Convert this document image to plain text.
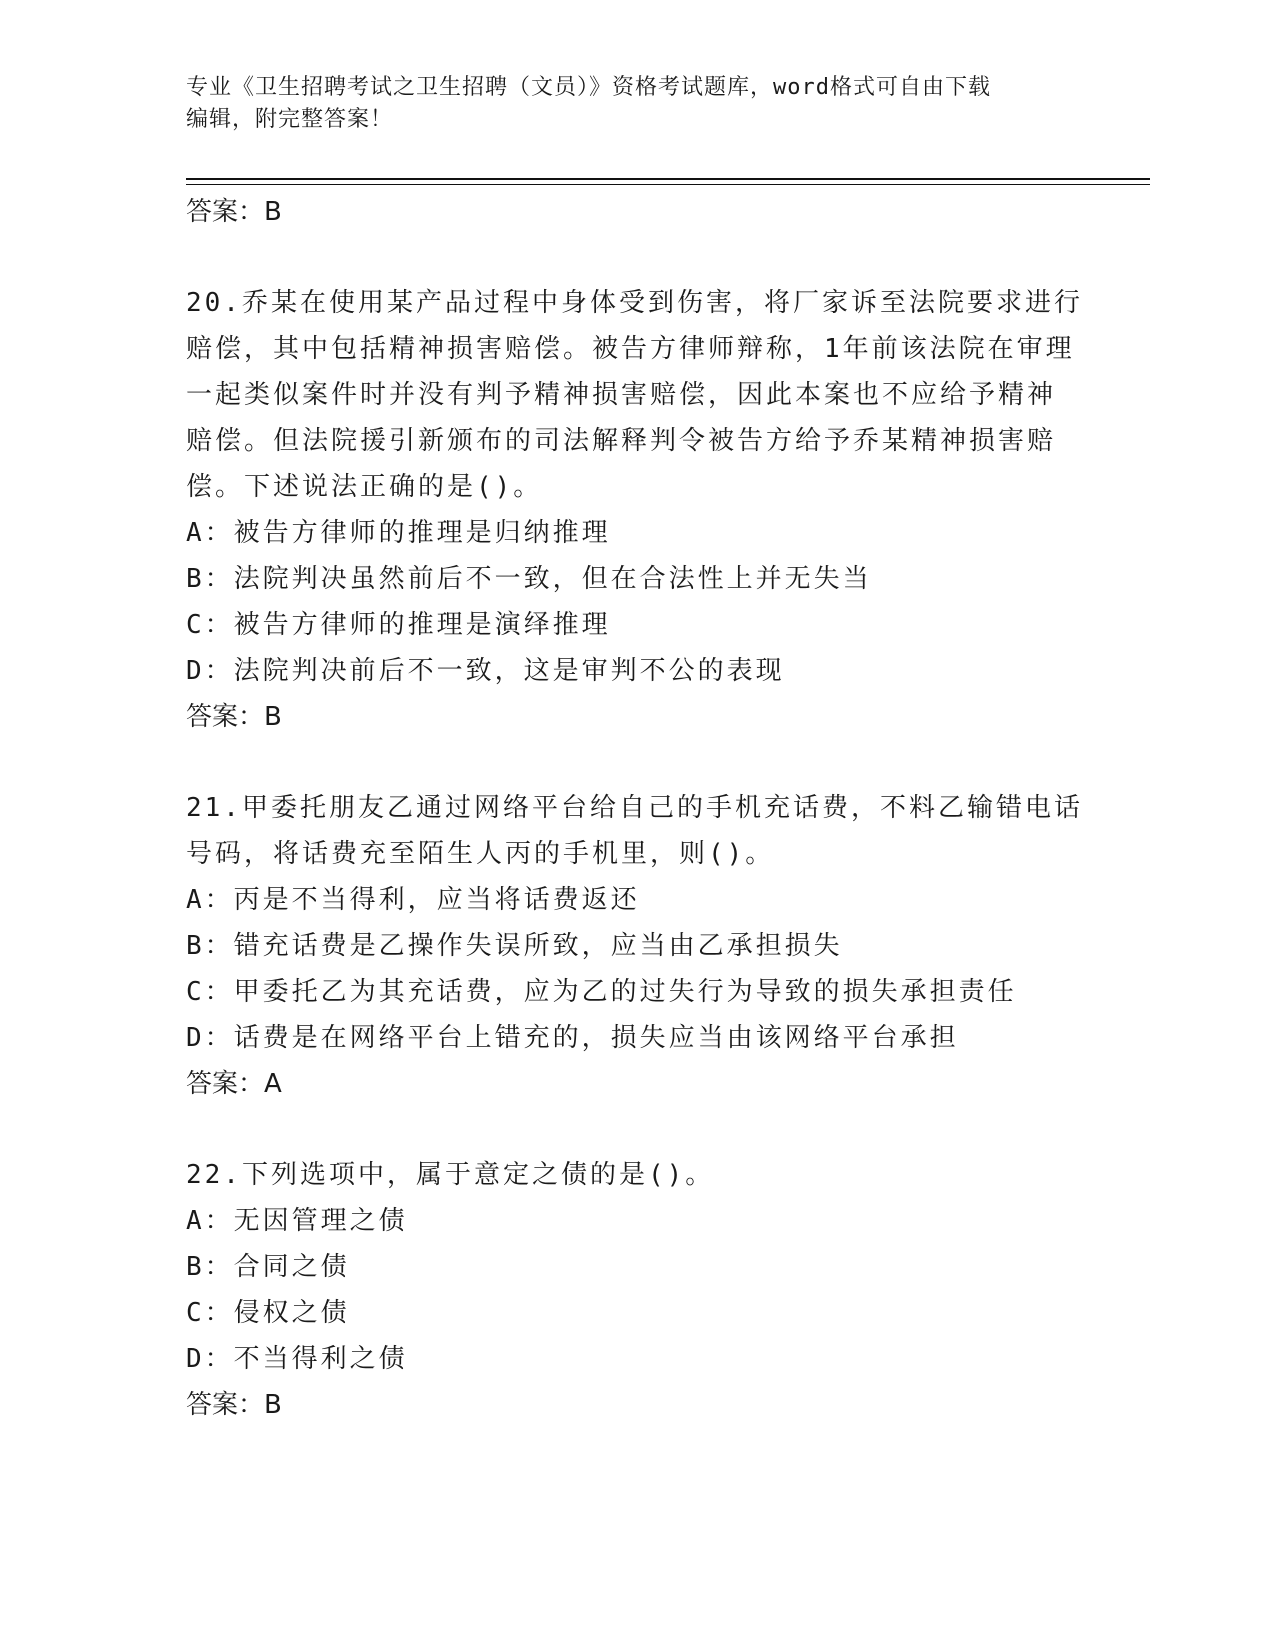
专业《卫生招聘考试之卫生招聘（文员）》资格考试题库，word格式可自由下载
编辑，附完整答案！
答案：B
20.乔某在使用某产品过程中身体受到伤害，将厂家诉至法院要求进行
赔偿，其中包括精神损害赔偿。被告方律师辩称，1年前该法院在审理
一起类似案件时并没有判予精神损害赔偿，因此本案也不应给予精神
赔偿。但法院援引新颁布的司法解释判令被告方给予乔某精神损害赔
偿。下述说法正确的是()。
A：被告方律师的推理是归纳推理
B：法院判决虽然前后不一致，但在合法性上并无失当
C：被告方律师的推理是演绎推理
D：法院判决前后不一致，这是审判不公的表现
答案：B
21.甲委托朋友乙通过网络平台给自己的手机充话费，不料乙输错电话
号码，将话费充至陌生人丙的手机里，则()。
A：丙是不当得利，应当将话费返还
B：错充话费是乙操作失误所致，应当由乙承担损失
C：甲委托乙为其充话费，应为乙的过失行为导致的损失承担责任
D：话费是在网络平台上错充的，损失应当由该网络平台承担
答案：A
22.下列选项中，属于意定之债的是()。
A：无因管理之债
B：合同之债
C：侵权之债
D：不当得利之债
答案：B
